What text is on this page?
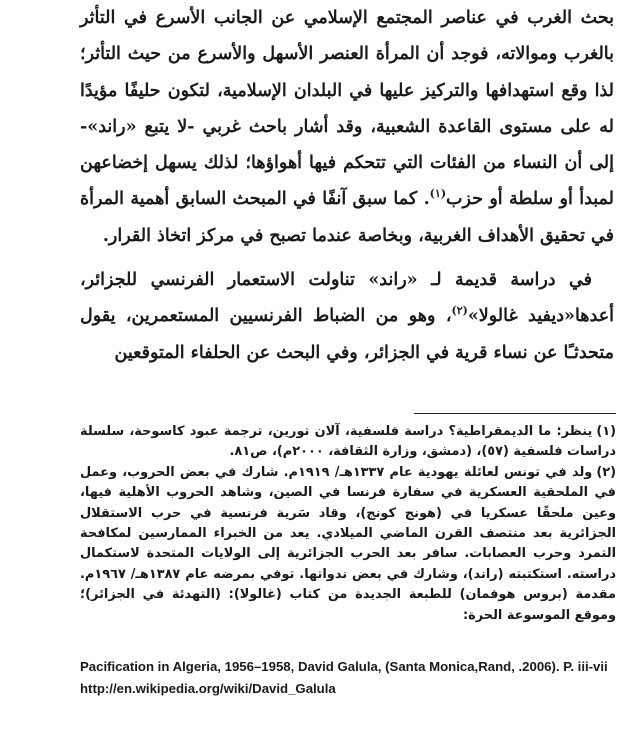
بحث الغرب في عناصر المجتمع الإسلامي عن الجانب الأسرع في التأثر بالغرب وموالاته، فوجد أن المرأة العنصر الأسهل والأسرع من حيث التأثر؛ لذا وقع استهدافها والتركيز عليها في البلدان الإسلامية، لتكون حليفًا مؤيدًا له على مستوى القاعدة الشعبية، وقد أشار باحث غربي -لا يتبع «راند»- إلى أن النساء من الفئات التي تتحكم فيها أهواؤها؛ لذلك يسهل إخضاعهن لمبدأ أو سلطة أو حزب$^{(١)}$. كما سبق آنفًا في المبحث السابق أهمية المرأة في تحقيق الأهداف الغربية، وبخاصة عندما تصبح في مركز اتخاذ القرار.

في دراسة قديمة لـ «راند» تناولت الاستعمار الفرنسي للجزائر، أعدها«ديفيد غالولا»$^{(٢)}$، وهو من الضباط الفرنسيين المستعمرين، يقول متحدثـًا عن نساء قرية في الجزائر، وفي البحث عن الحلفاء المتوقعين

(١)ينظر: ما الديمقراطية؟ دراسة فلسفية، آلان تورين، ترجمة عبود كاسوحة، سلسلة دراسات فلسفية (٥٧)، (دمشق، وزارة الثقافة، ٢٠٠٠م)، ص٨١.

(٢)ولد في تونس لعائلة يهودية عام ١٣٣٧هـ/ ١٩١٩م. شارك في بعض الحروب، وعمل في الملحقية العسكرية في سفارة فرنسا في الصين، وشاهد الحروب الأهلية فيها، وعين ملحقًا عسكريا في (هونج كونج)، وقاد سَرية فرنسية في حرب الاستقلال الجزائرية بعد منتصف القرن الماضي الميلادي. يعد من الخبراء الممارسين لمكافحة التمرد وحرب العصابات. سافر بعد الحرب الجزائرية إلى الولايات المتحدة لاستكمال دراسته. استكتبته (راند)، وشارك في بعض ندواتها. توفي بمرضه عام ١٣٨٧هـ/ ١٩٦٧م. مقدمة (بروس هوفمان) للطبعة الجديدة من كتاب (غالولا): (التهدئة في الجزائر)؛ وموقع الموسوعة الحرة:

Pacification in Algeria, 1956–1958, David Galula, (Santa Monica,Rand, .2006). P. iii-vii

http://en.wikipedia.org/wiki/David_Galula
